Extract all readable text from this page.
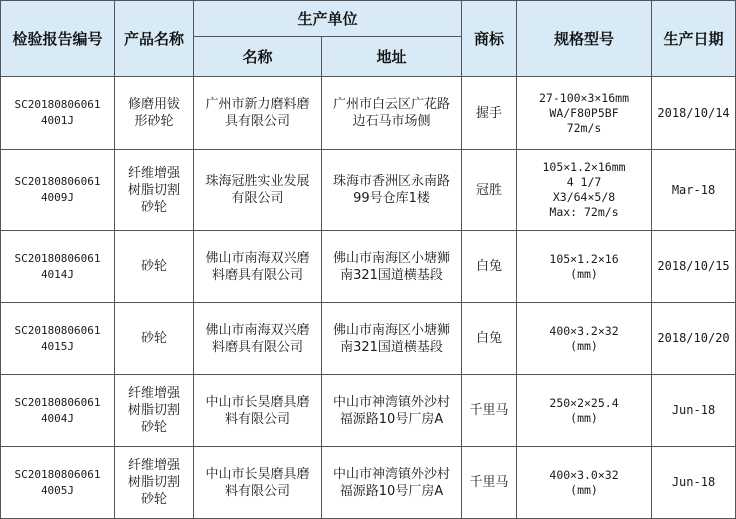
检验报告编号	产品名称	生产单位		商标	规格型号	生产日期
		名称	地址			

SC20180806061
4001J	修磨用钹
形砂轮	广州市新力磨料磨
具有限公司	广州市白云区广花路
边石马市场侧	握手	27-100×3×16mm
WA/F80P5BF
72m/s	2018/10/14

SC20180806061
4009J	纤维增强
树脂切割
砂轮	珠海冠胜实业发展
有限公司	珠海市香洲区永南路
99号仓库1楼	冠胜	105×1.2×16mm
4 1/7
X3/64×5/8
Max: 72m/s	Mar-18

SC20180806061
4014J	砂轮	佛山市南海双兴磨
料磨具有限公司	佛山市南海区小塘狮
南321国道横基段	白兔	105×1.2×16
(mm)	2018/10/15

SC20180806061
4015J	砂轮	佛山市南海双兴磨
料磨具有限公司	佛山市南海区小塘狮
南321国道横基段	白兔	400×3.2×32
(mm)	2018/10/20

SC20180806061
4004J	纤维增强
树脂切割
砂轮	中山市长昊磨具磨
料有限公司	中山市神湾镇外沙村
福源路10号厂房A	千里马	250×2×25.4
(mm)	Jun-18

SC20180806061
4005J	纤维增强
树脂切割
砂轮	中山市长昊磨具磨
料有限公司	中山市神湾镇外沙村
福源路10号厂房A	千里马	400×3.0×32
(mm)	Jun-18
